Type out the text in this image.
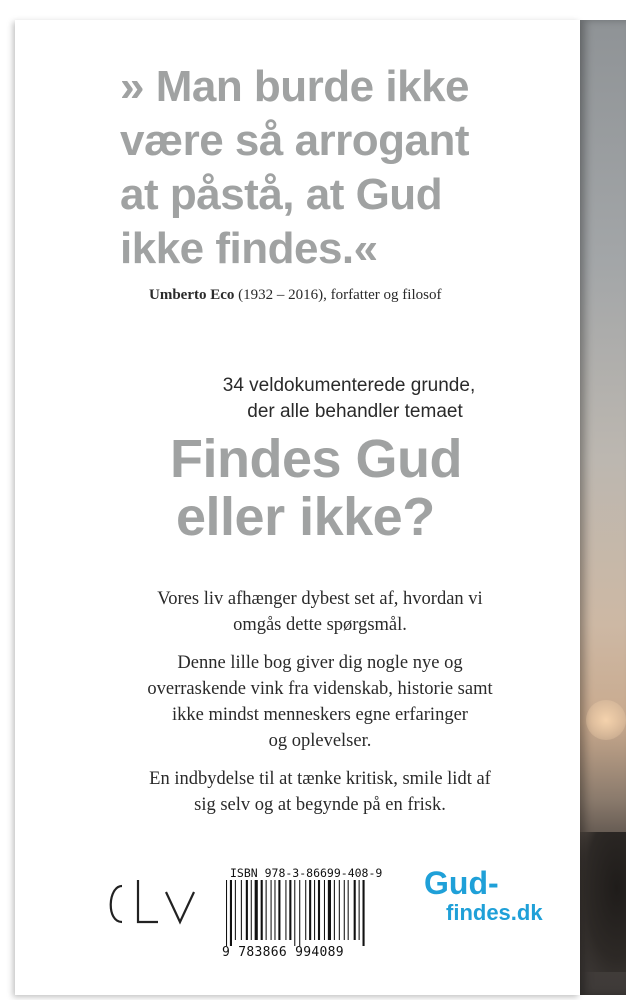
» Man burde ikke
være så arrogant
at påstå, at Gud
ikke findes.«
Umberto Eco (1932 – 2016), forfatter og filosof
34 veldokumenterede grunde,
der alle behandler temaet
Findes Gud
eller ikke?
Vores liv afhænger dybest set af, hvordan vi
omgås dette spørgsmål.
Denne lille bog giver dig nogle nye og
overraskende vink fra videnskab, historie samt
ikke mindst menneskers egne erfaringer
og oplevelser.
En indbydelse til at tænke kritisk, smile lidt af
sig selv og at begynde på en frisk.
ISBN 978-3-86699-408-9
9 783866 994089
Gud-
findes.dk
